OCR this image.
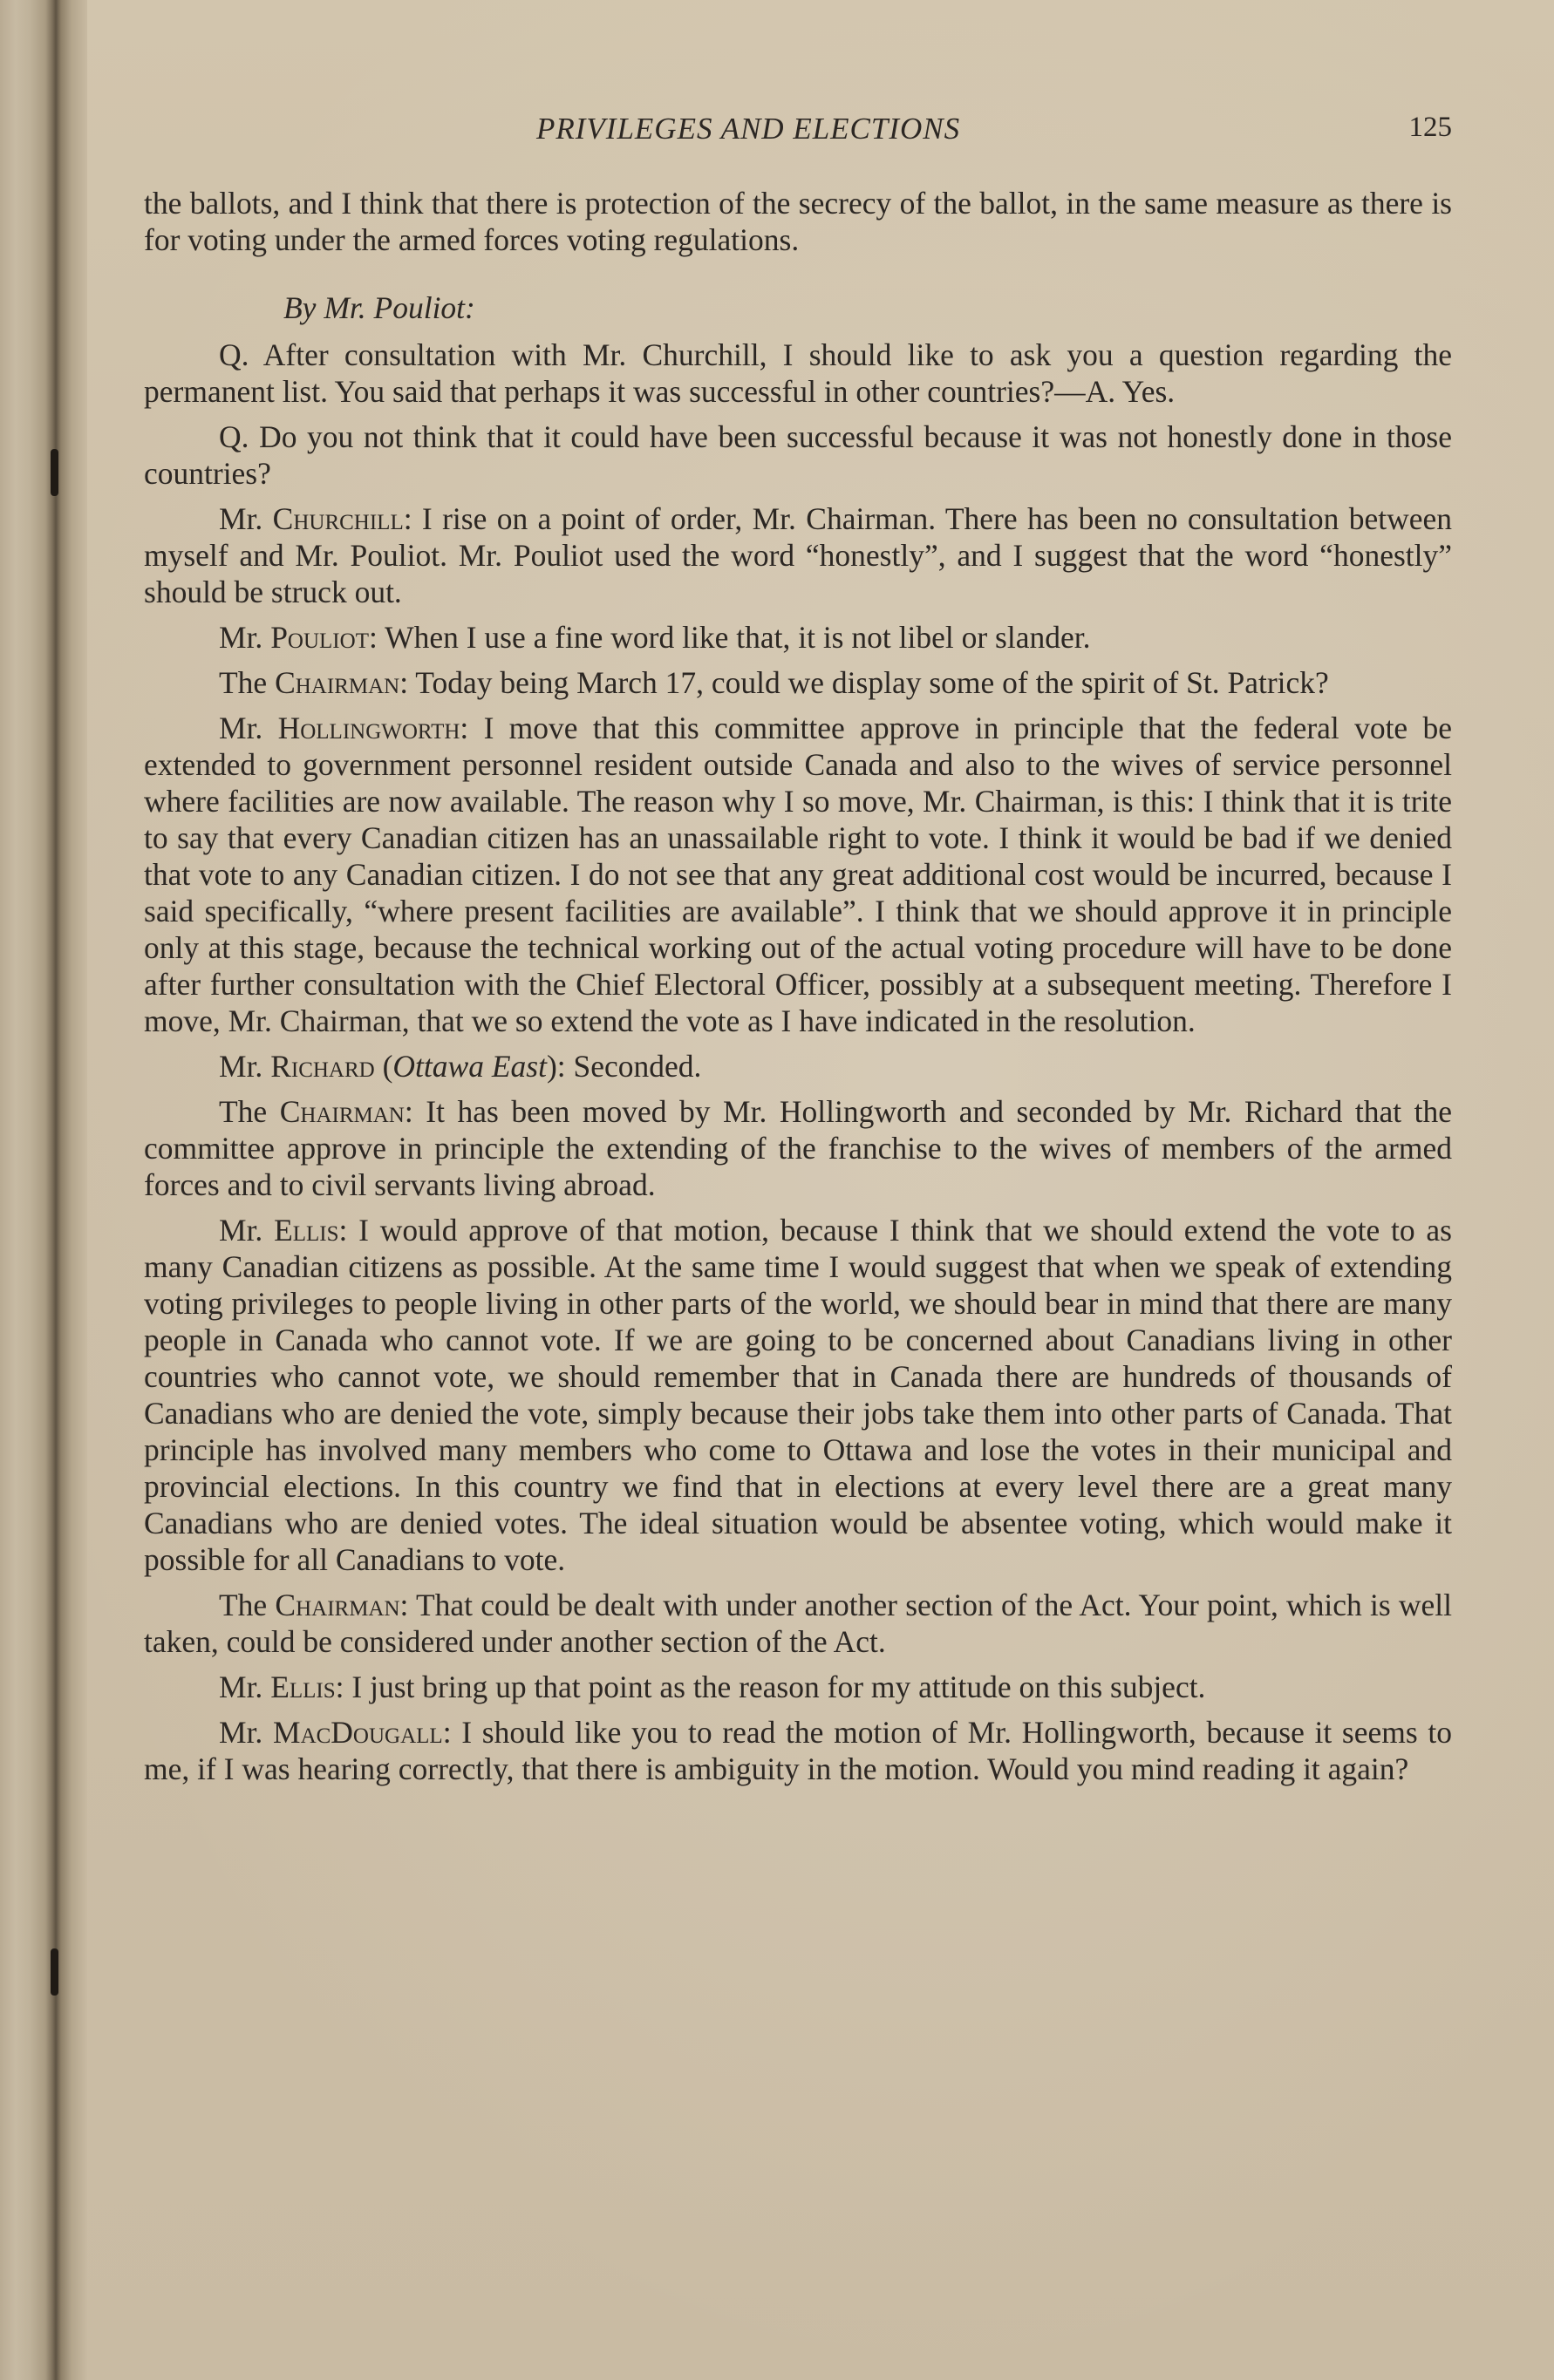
PRIVILEGES AND ELECTIONS	125

the ballots, and I think that there is protection of the secrecy of the ballot, in the same measure as there is for voting under the armed forces voting regulations.

By Mr. Pouliot:

Q. After consultation with Mr. Churchill, I should like to ask you a question regarding the permanent list. You said that perhaps it was successful in other countries?—A. Yes.

Q. Do you not think that it could have been successful because it was not honestly done in those countries?

Mr. Churchill: I rise on a point of order, Mr. Chairman. There has been no consultation between myself and Mr. Pouliot. Mr. Pouliot used the word “honestly”, and I suggest that the word “honestly” should be struck out.

Mr. Pouliot: When I use a fine word like that, it is not libel or slander.

The Chairman: Today being March 17, could we display some of the spirit of St. Patrick?

Mr. Hollingworth: I move that this committee approve in principle that the federal vote be extended to government personnel resident outside Canada and also to the wives of service personnel where facilities are now available. The reason why I so move, Mr. Chairman, is this: I think that it is trite to say that every Canadian citizen has an unassailable right to vote. I think it would be bad if we denied that vote to any Canadian citizen. I do not see that any great additional cost would be incurred, because I said specifically, “where present facilities are available”. I think that we should approve it in principle only at this stage, because the technical working out of the actual voting procedure will have to be done after further consultation with the Chief Electoral Officer, possibly at a subsequent meeting. Therefore I move, Mr. Chairman, that we so extend the vote as I have indicated in the resolution.

Mr. Richard (Ottawa East): Seconded.

The Chairman: It has been moved by Mr. Hollingworth and seconded by Mr. Richard that the committee approve in principle the extending of the franchise to the wives of members of the armed forces and to civil servants living abroad.

Mr. Ellis: I would approve of that motion, because I think that we should extend the vote to as many Canadian citizens as possible. At the same time I would suggest that when we speak of extending voting privileges to people living in other parts of the world, we should bear in mind that there are many people in Canada who cannot vote. If we are going to be concerned about Canadians living in other countries who cannot vote, we should remember that in Canada there are hundreds of thousands of Canadians who are denied the vote, simply because their jobs take them into other parts of Canada. That principle has involved many members who come to Ottawa and lose the votes in their municipal and provincial elections. In this country we find that in elections at every level there are a great many Canadians who are denied votes. The ideal situation would be absentee voting, which would make it possible for all Canadians to vote.

The Chairman: That could be dealt with under another section of the Act. Your point, which is well taken, could be considered under another section of the Act.

Mr. Ellis: I just bring up that point as the reason for my attitude on this subject.

Mr. MacDougall: I should like you to read the motion of Mr. Hollingworth, because it seems to me, if I was hearing correctly, that there is ambiguity in the motion. Would you mind reading it again?
